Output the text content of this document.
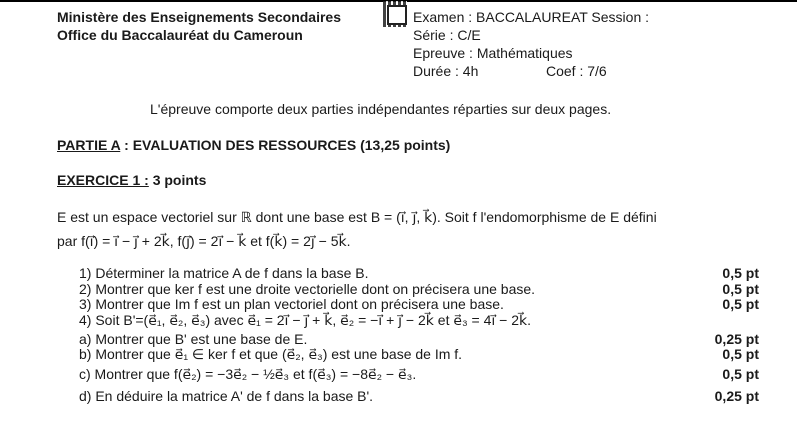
Ministère des Enseignements Secondaires
Office du Baccalauréat du Cameroun
Examen : BACCALAUREAT Session :
Série : C/E
Epreuve : Mathématiques
Durée : 4h	Coef : 7/6
L'épreuve comporte deux parties indépendantes réparties sur deux pages.
PARTIE A : EVALUATION DES RESSOURCES (13,25 points)
EXERCICE 1 : 3 points
E est un espace vectoriel sur ℝ dont une base est B = (i⃗, j⃗, k⃗). Soit f l'endomorphisme de E défini
par f(i⃗) = i⃗ − j⃗ + 2k⃗, f(j⃗) = 2i⃗ − k⃗ et f(k⃗) = 2j⃗ − 5k⃗.
1) Déterminer la matrice A de f dans la base B.	0,5 pt
2) Montrer que ker f est une droite vectorielle dont on précisera une base.	0,5 pt
3) Montrer que Im f est un plan vectoriel dont on précisera une base.	0,5 pt
4) Soit B'=(e⃗₁, e⃗₂, e⃗₃) avec e⃗₁ = 2i⃗ − j⃗ + k⃗, e⃗₂ = −i⃗ + j⃗ − 2k⃗ et e⃗₃ = 4i⃗ − 2k⃗.
a) Montrer que B' est une base de E.	0,25 pt
b) Montrer que e⃗₁ ∈ ker f et que (e⃗₂, e⃗₃) est une base de Im f.	0,5 pt
c) Montrer que f(e⃗₂) = −3e⃗₂ − ½e⃗₃ et f(e⃗₃) = −8e⃗₂ − e⃗₃.	0,5 pt
d) En déduire la matrice A' de f dans la base B'.	0,25 pt
